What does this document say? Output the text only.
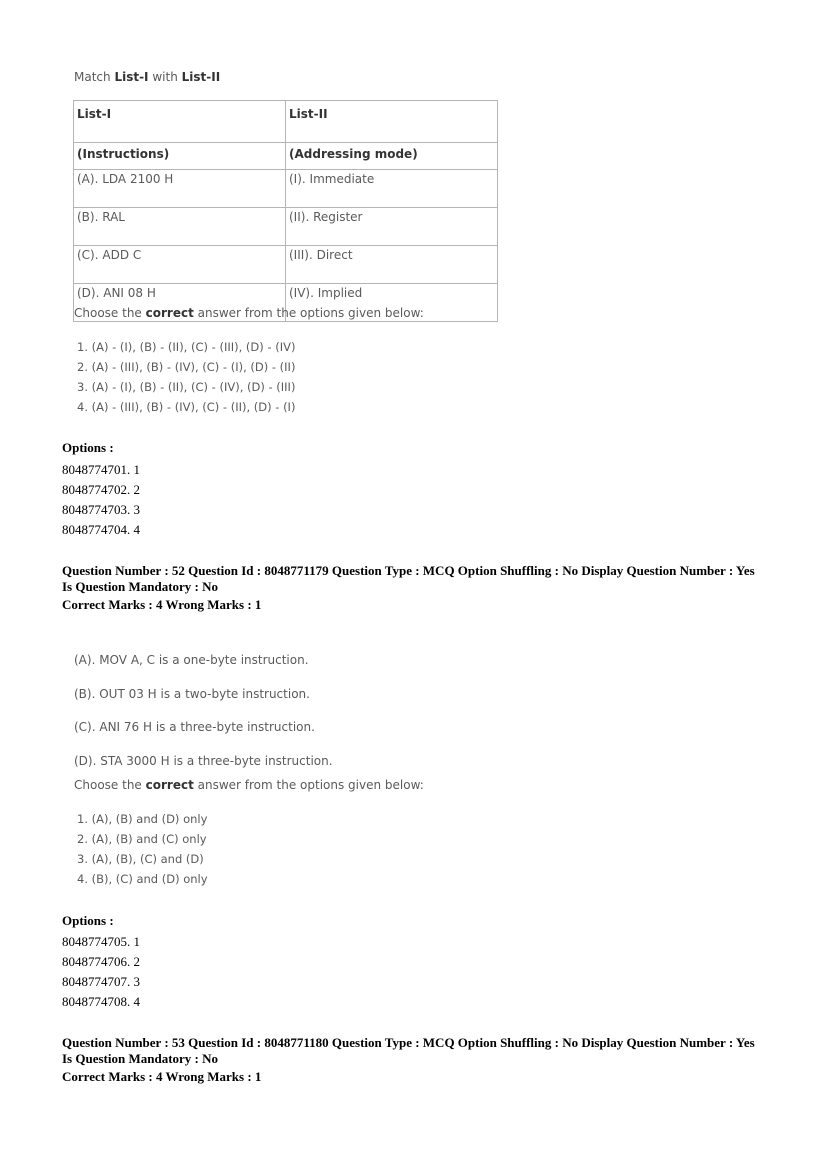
Match List-I with List-II
List-I	List-II
(Instructions)	(Addressing mode)
(A). LDA 2100 H	(I). Immediate
(B). RAL	(II). Register
(C). ADD C	(III). Direct
(D). ANI 08 H	(IV). Implied
Choose the correct answer from the options given below:
1. (A) - (I), (B) - (II), (C) - (III), (D) - (IV)
2. (A) - (III), (B) - (IV), (C) - (I), (D) - (II)
3. (A) - (I), (B) - (II), (C) - (IV), (D) - (III)
4. (A) - (III), (B) - (IV), (C) - (II), (D) - (I)
Options :
8048774701. 1
8048774702. 2
8048774703. 3
8048774704. 4
Question Number : 52 Question Id : 8048771179 Question Type : MCQ Option Shuffling : No Display Question Number : Yes
Is Question Mandatory : No
Correct Marks : 4 Wrong Marks : 1
(A). MOV A, C is a one-byte instruction.
(B). OUT 03 H is a two-byte instruction.
(C). ANI 76 H is a three-byte instruction.
(D). STA 3000 H is a three-byte instruction.
Choose the correct answer from the options given below:
1. (A), (B) and (D) only
2. (A), (B) and (C) only
3. (A), (B), (C) and (D)
4. (B), (C) and (D) only
Options :
8048774705. 1
8048774706. 2
8048774707. 3
8048774708. 4
Question Number : 53 Question Id : 8048771180 Question Type : MCQ Option Shuffling : No Display Question Number : Yes
Is Question Mandatory : No
Correct Marks : 4 Wrong Marks : 1
